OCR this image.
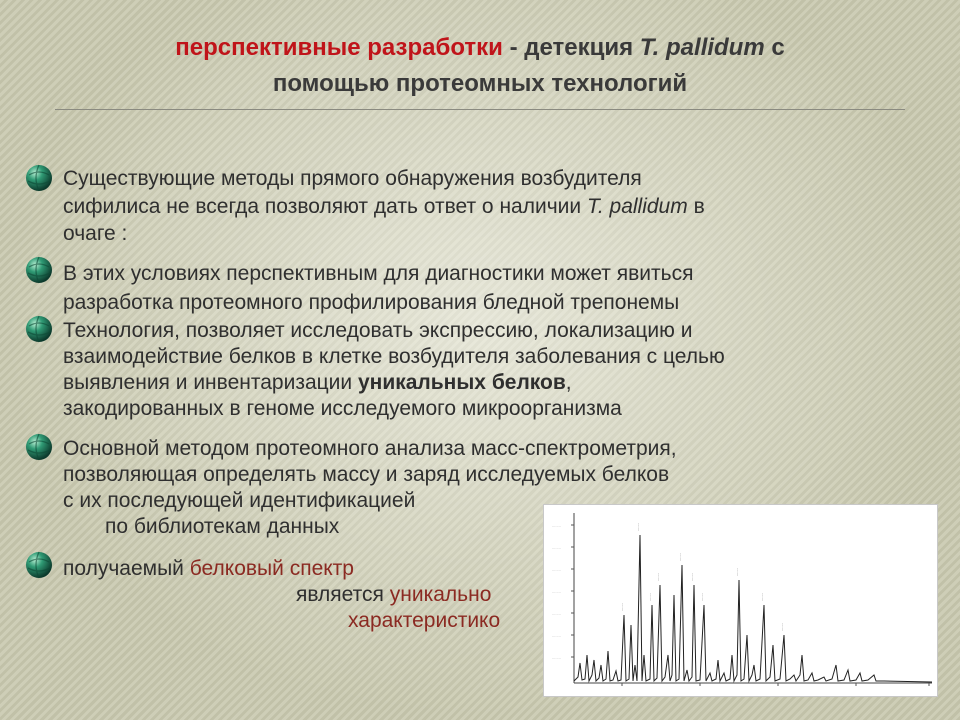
перспективные разработки - детекция T. pallidum с
помощью протеомных технологий
Существующие методы прямого обнаружения возбудителя
сифилиса не всегда позволяют дать ответ о наличии T. pallidum в
очаге :
В этих условиях перспективным для диагностики может явиться
разработка протеомного профилирования бледной трепонемы
Технология, позволяет исследовать экспрессию, локализацию и
взаимодействие белков в клетке возбудителя заболевания с целью
выявления и инвентаризации уникальных белков,
закодированных в геноме исследуемого микроорганизма
Основной методом протеомного анализа масс-спектрометрия,
позволяющая определять массу и заряд исследуемых белков
с их последующей идентификацией
по библиотекам данных
получаемый белковый спектр
является уникально
характеристико
........
........
........
........
........
........
........
.......
.......
.......
.......
.......
.......
.......
.......
.......
.......
